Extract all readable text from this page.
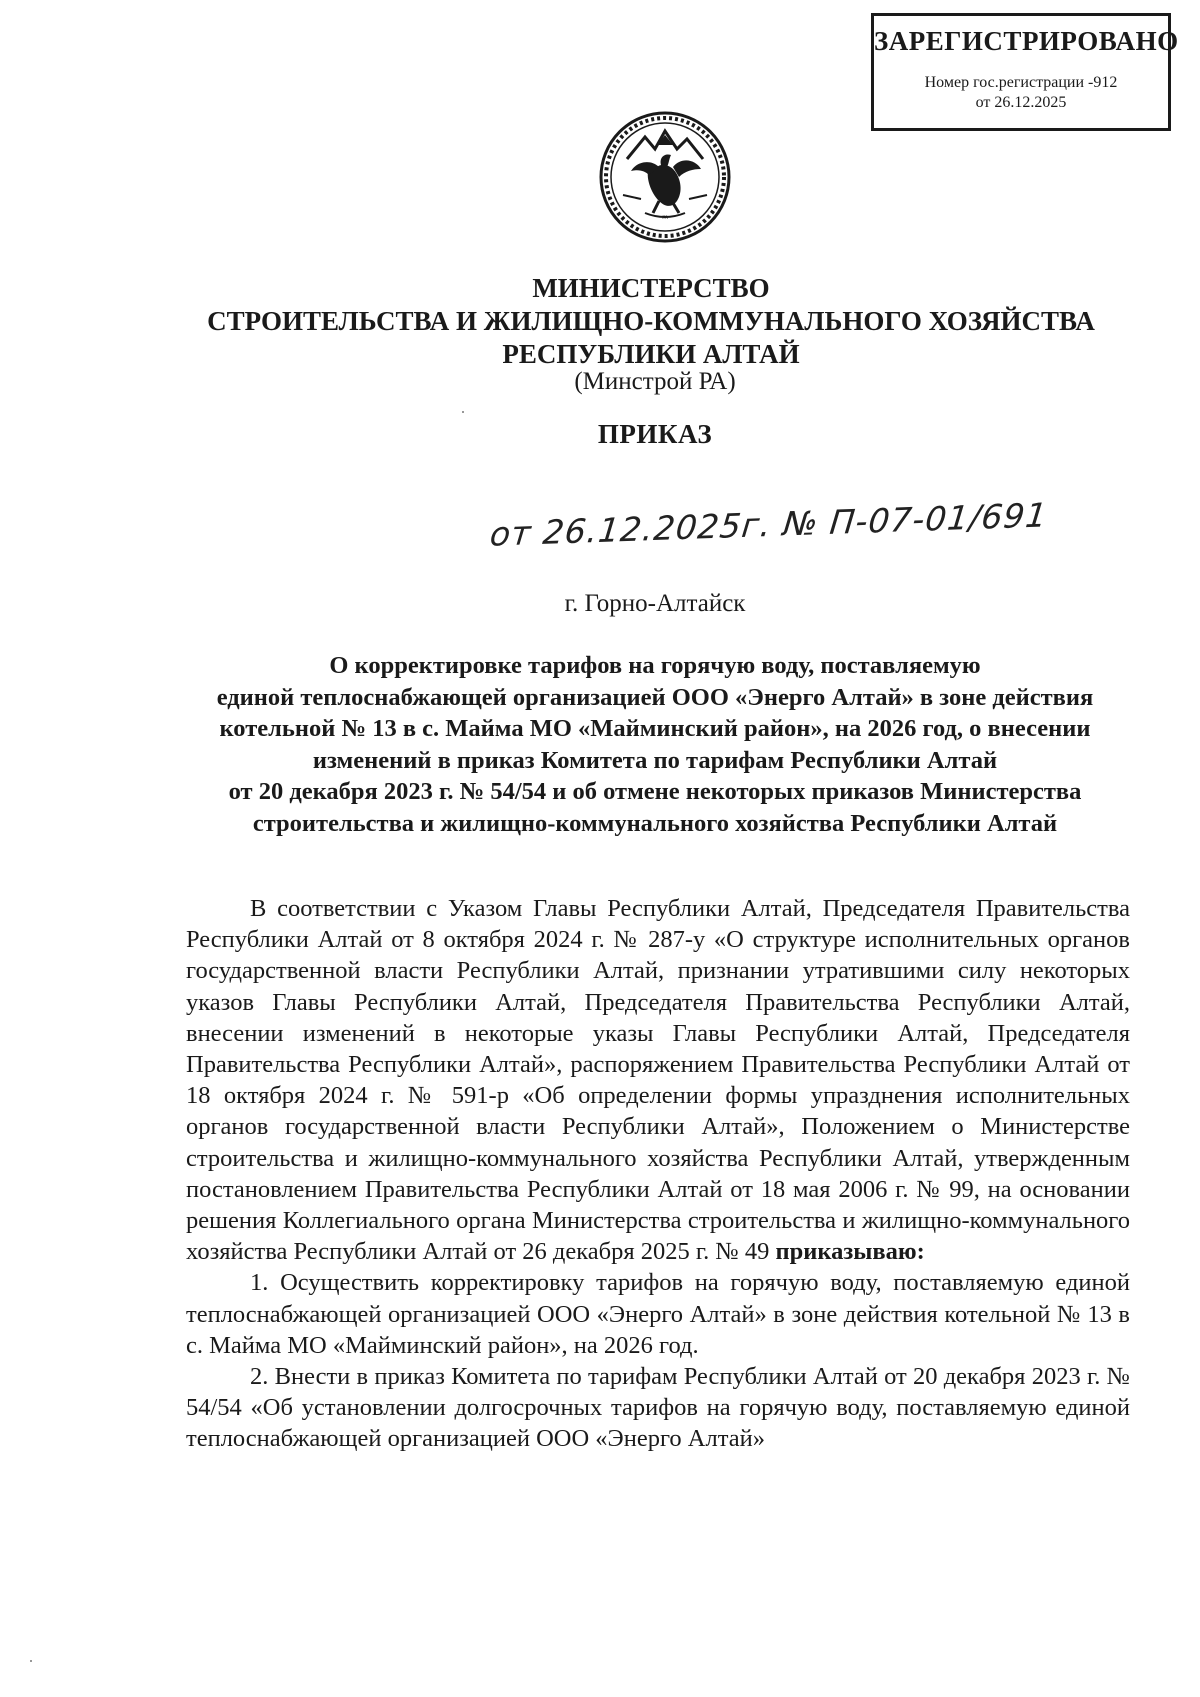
ЗАРЕГИСТРИРОВАНО
Номер гос.регистрации -912
от 26.12.2025
m
МИНИСТЕРСТВО
СТРОИТЕЛЬСТВА И ЖИЛИЩНО-КОММУНАЛЬНОГО ХОЗЯЙСТВА
РЕСПУБЛИКИ АЛТАЙ
(Минстрой РА)
ПРИКАЗ
от 26.12.2025г. № П-07-01/691
г. Горно-Алтайск
О корректировке тарифов на горячую воду, поставляемую
единой теплоснабжающей организацией ООО «Энерго Алтай» в зоне действия
котельной № 13 в с. Майма МО «Майминский район», на 2026 год, о внесении
изменений в приказ Комитета по тарифам Республики Алтай
от 20 декабря 2023 г. № 54/54 и об отмене некоторых приказов Министерства
строительства и жилищно-коммунального хозяйства Республики Алтай

В соответствии с Указом Главы Республики Алтай, Председателя Правительства Республики Алтай от 8 октября 2024 г. № 287-у «О структуре исполнительных органов государственной власти Республики Алтай, признании утратившими силу некоторых указов Главы Республики Алтай, Председателя Правительства Республики Алтай, внесении изменений в некоторые указы Главы Республики Алтай, Председателя Правительства Республики Алтай», распоряжением Правительства Республики Алтай от 18 октября 2024 г. № 591-р «Об определении формы упразднения исполнительных органов государственной власти Республики Алтай», Положением о Министерстве строительства и жилищно-коммунального хозяйства Республики Алтай, утвержденным постановлением Правительства Республики Алтай от 18 мая 2006 г. № 99, на основании решения Коллегиального органа Министерства строительства и жилищно-коммунального хозяйства Республики Алтай от 26 декабря 2025 г. № 49 приказываю:

1. Осуществить корректировку тарифов на горячую воду, поставляемую единой теплоснабжающей организацией ООО «Энерго Алтай» в зоне действия котельной № 13 в с. Майма МО «Майминский район», на 2026 год.

2. Внести в приказ Комитета по тарифам Республики Алтай от 20 декабря 2023 г. № 54/54 «Об установлении долгосрочных тарифов на горячую воду, поставляемую единой теплоснабжающей организацией ООО «Энерго Алтай»
